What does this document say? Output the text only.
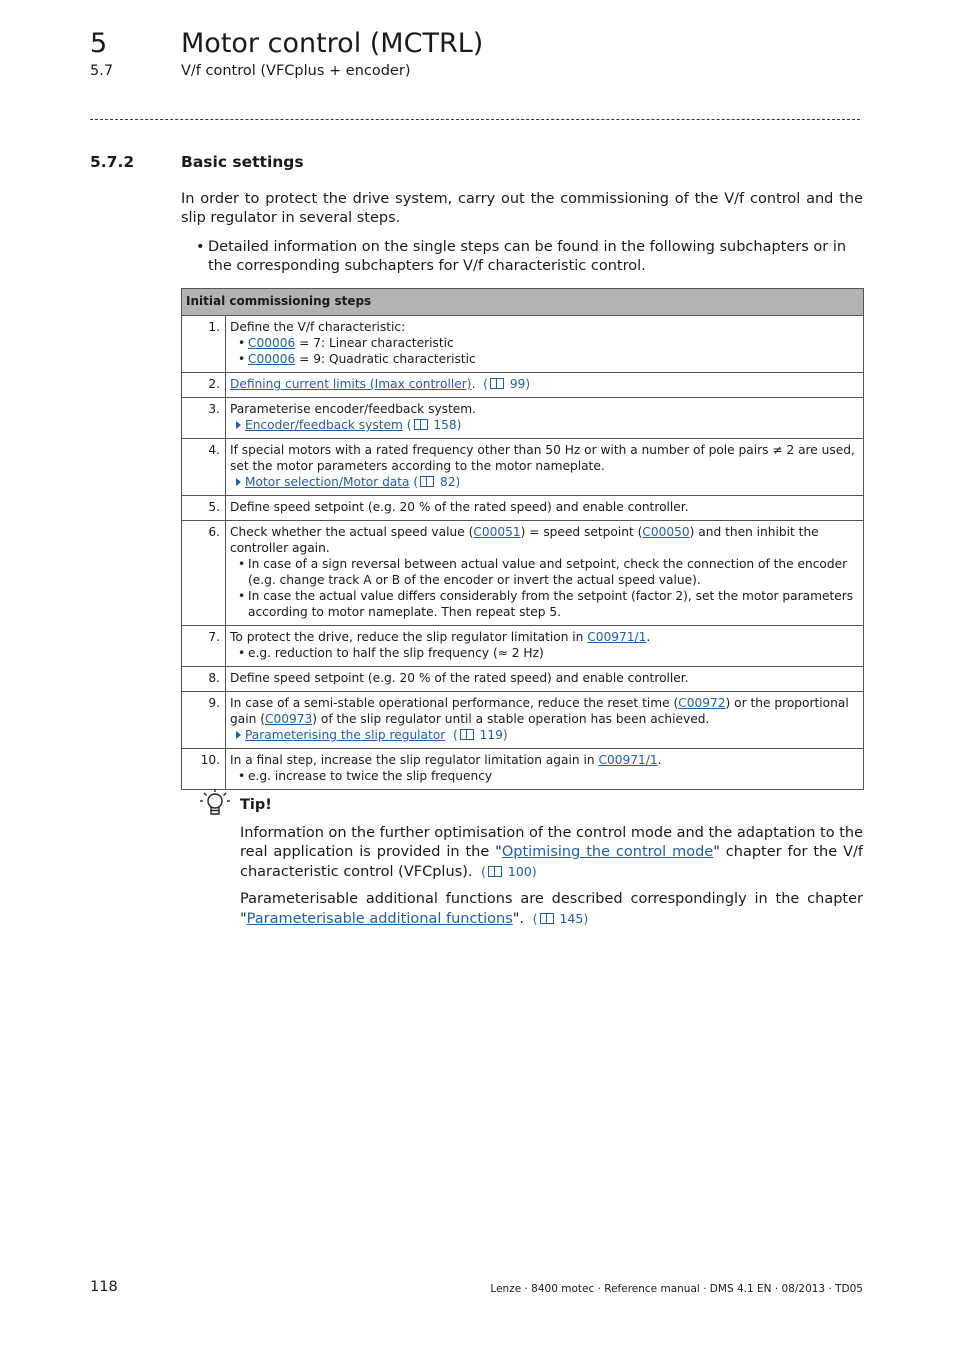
5	Motor control (MCTRL)
5.7	V/f control (VFCplus + encoder)
5.7.2	Basic settings
In order to protect the drive system, carry out the commissioning of the V/f control and the slip regulator in several steps.
• Detailed information on the single steps can be found in the following subchapters or in the corresponding subchapters for V/f characteristic control.
Initial commissioning steps	
1.	Define the V/f characteristic:
• C00006 = 7: Linear characteristic
• C00006 = 9: Quadratic characteristic

2.	Defining current limits (Imax controller).  ( 99)
3.	Parameterise encoder/feedback system.
Encoder/feedback system ( 158)

4.	If special motors with a rated frequency other than 50 Hz or with a number of pole pairs ≠ 2 are used, set the motor parameters according to the motor nameplate.
Motor selection/Motor data ( 82)

5.	Define speed setpoint (e.g. 20 % of the rated speed) and enable controller.
6.	Check whether the actual speed value (C00051) = speed setpoint (C00050) and then inhibit the controller again.
• In case of a sign reversal between actual value and setpoint, check the connection of the encoder (e.g. change track A or B of the encoder or invert the actual speed value).
• In case the actual value differs considerably from the setpoint (factor 2), set the motor parameters according to motor nameplate. Then repeat step 5.

7.	To protect the drive, reduce the slip regulator limitation in C00971/1.
• e.g. reduction to half the slip frequency (≈ 2 Hz)

8.	Define speed setpoint (e.g. 20 % of the rated speed) and enable controller.
9.	In case of a semi-stable operational performance, reduce the reset time (C00972) or the proportional gain (C00973) of the slip regulator until a stable operation has been achieved.
Parameterising the slip regulator ( 119)

10.	In a final step, increase the slip regulator limitation again in C00971/1.
• e.g. increase to twice the slip frequency
Tip!
Information on the further optimisation of the control mode and the adaptation to the real application is provided in the "Optimising the control mode" chapter for the V/f characteristic control (VFCplus).  ( 100)
Parameterisable additional functions are described correspondingly in the chapter "Parameterisable additional functions".  ( 145)
118	Lenze · 8400 motec · Reference manual · DMS 4.1 EN · 08/2013 · TD05
